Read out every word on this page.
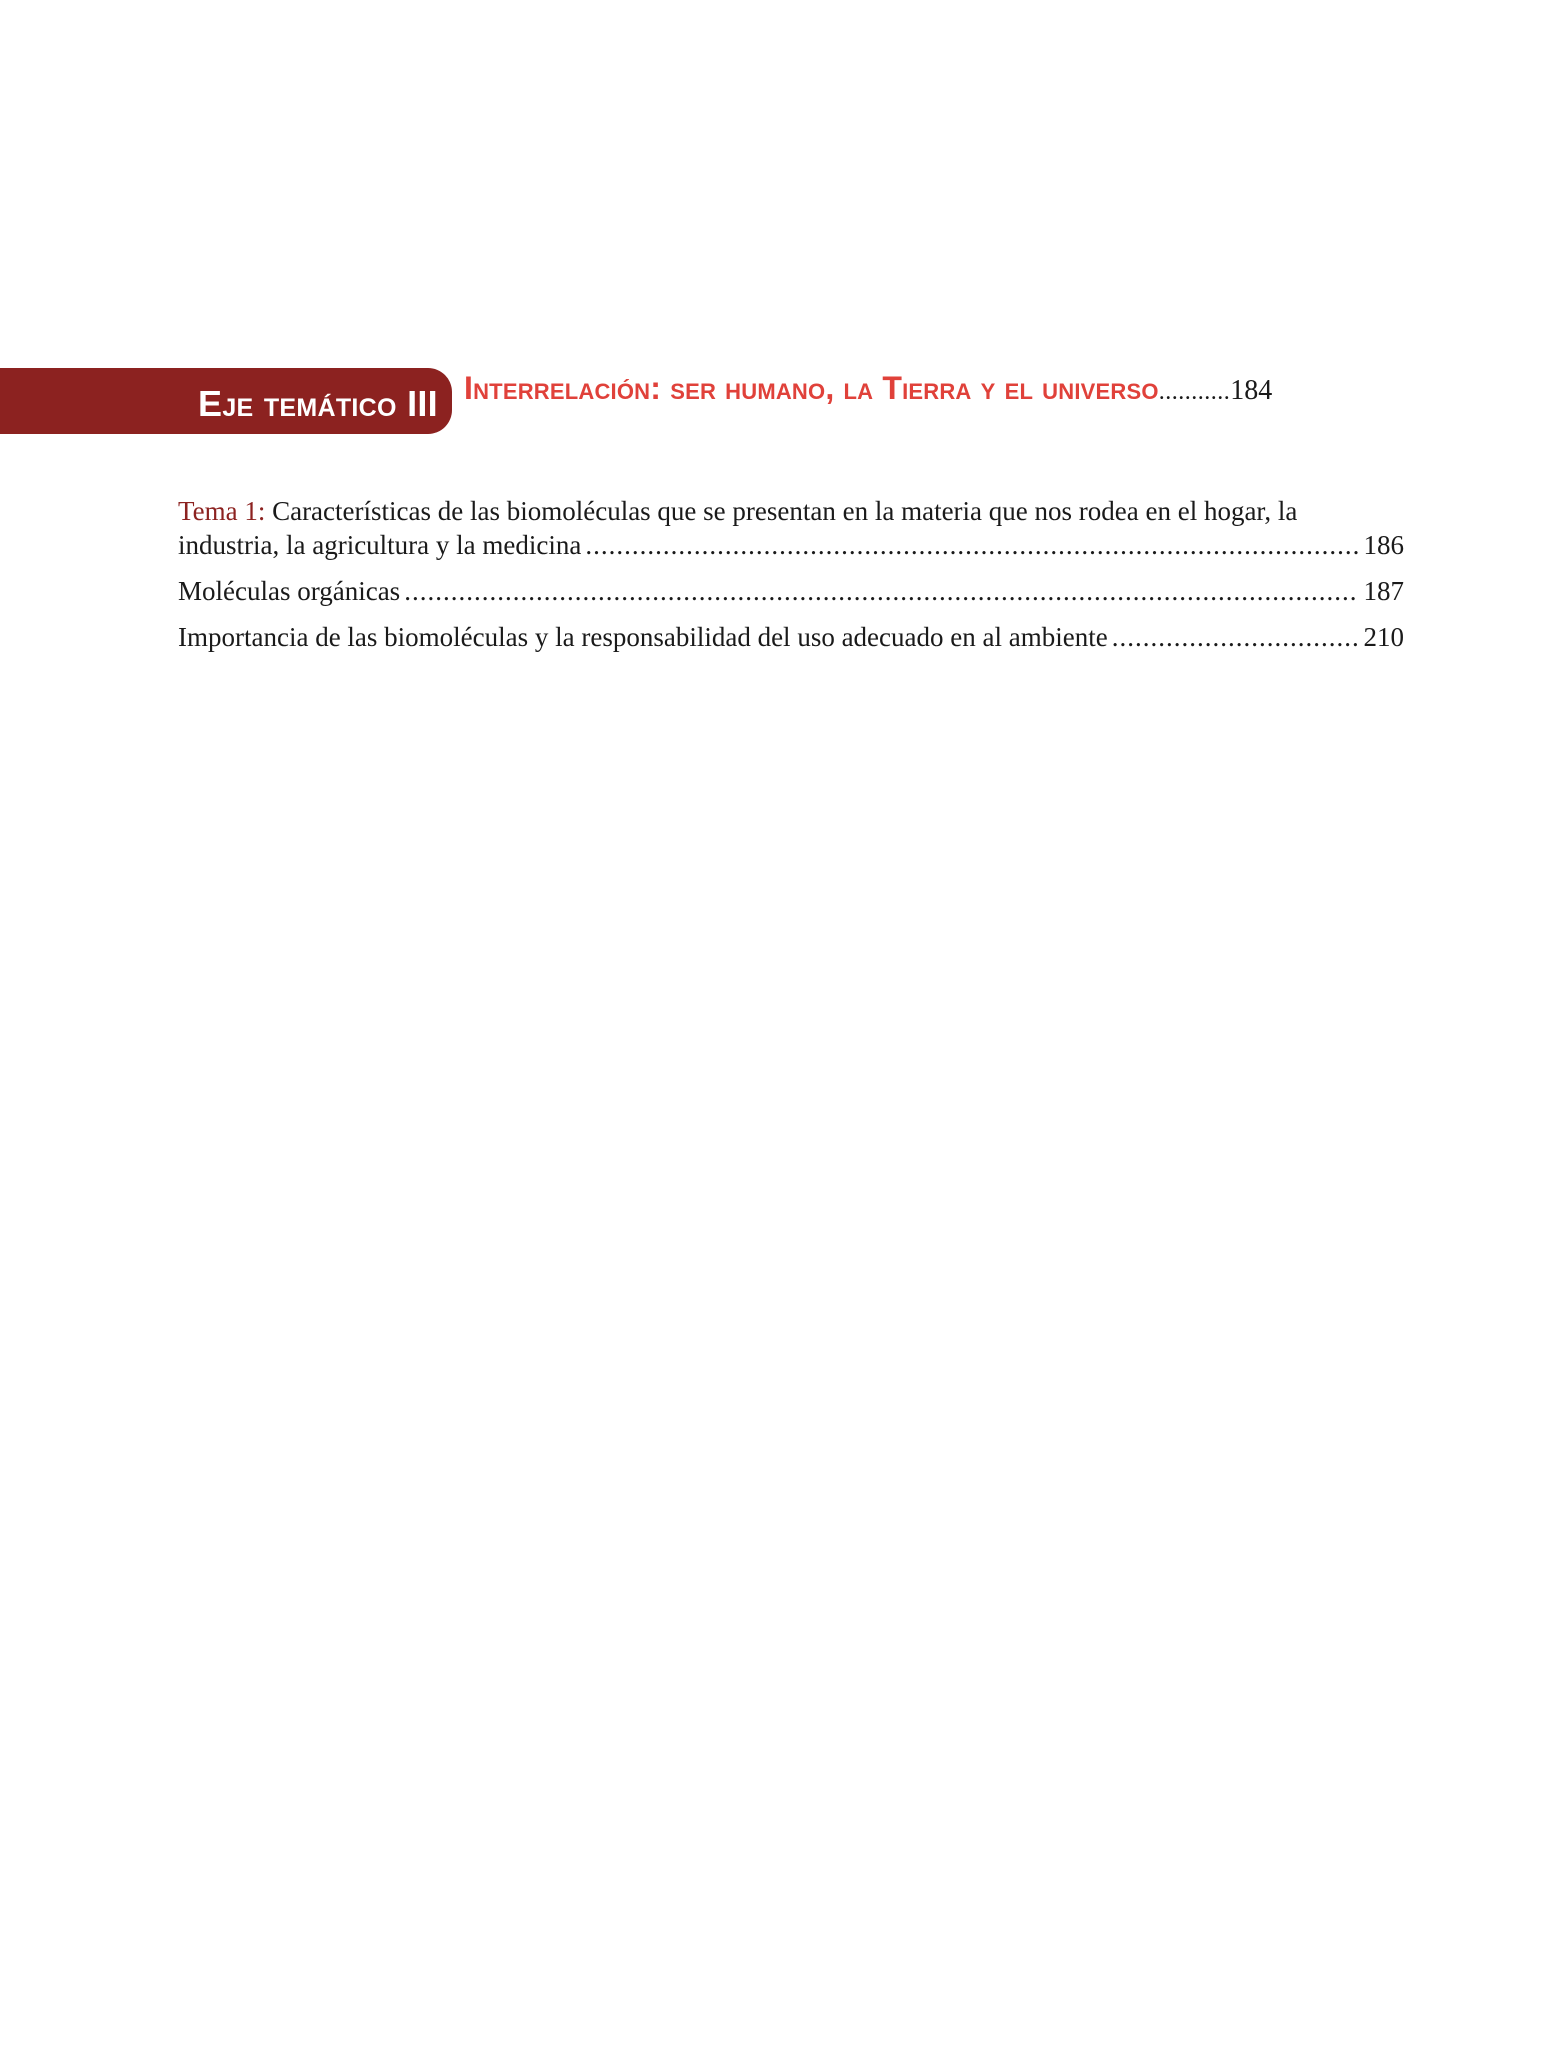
Eje temático III Interrelación: ser humano, la Tierra y el universo ........... 184
Tema 1: Características de las biomoléculas que se presentan en la materia que nos rodea en el hogar, la
industria, la agricultura y la medicina .....	186
Moléculas orgánicas .....	187
Importancia de las biomoléculas y la responsabilidad del uso adecuado en al ambiente .....	210
